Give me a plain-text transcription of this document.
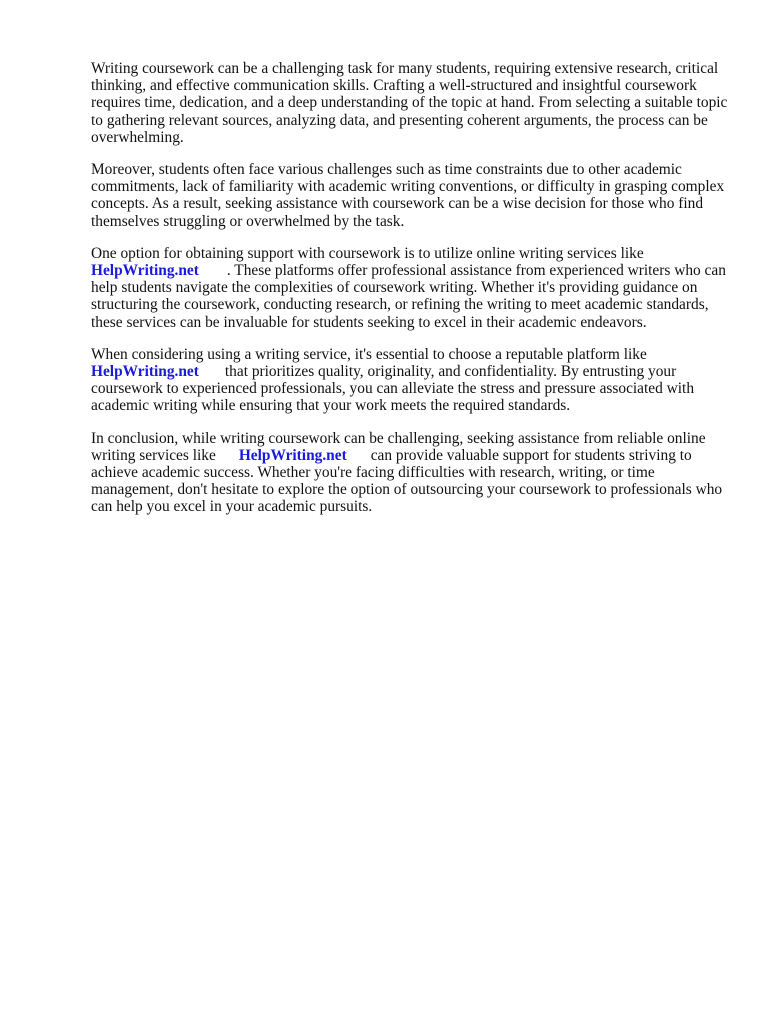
Writing coursework can be a challenging task for many students, requiring extensive research, critical thinking, and effective communication skills. Crafting a well-structured and insightful coursework requires time, dedication, and a deep understanding of the topic at hand. From selecting a suitable topic to gathering relevant sources, analyzing data, and presenting coherent arguments, the process can be overwhelming.

Moreover, students often face various challenges such as time constraints due to other academic commitments, lack of familiarity with academic writing conventions, or difficulty in grasping complex concepts. As a result, seeking assistance with coursework can be a wise decision for those who find themselves struggling or overwhelmed by the task.

One option for obtaining support with coursework is to utilize online writing services like
HelpWriting.net . These platforms offer professional assistance from experienced writers who can help students navigate the complexities of coursework writing. Whether it's providing guidance on structuring the coursework, conducting research, or refining the writing to meet academic standards, these services can be invaluable for students seeking to excel in their academic endeavors.

When considering using a writing service, it's essential to choose a reputable platform like
HelpWriting.net that prioritizes quality, originality, and confidentiality. By entrusting your coursework to experienced professionals, you can alleviate the stress and pressure associated with academic writing while ensuring that your work meets the required standards.

In conclusion, while writing coursework can be challenging, seeking assistance from reliable online writing services like HelpWriting.net can provide valuable support for students striving to achieve academic success. Whether you're facing difficulties with research, writing, or time management, don't hesitate to explore the option of outsourcing your coursework to professionals who can help you excel in your academic pursuits.
